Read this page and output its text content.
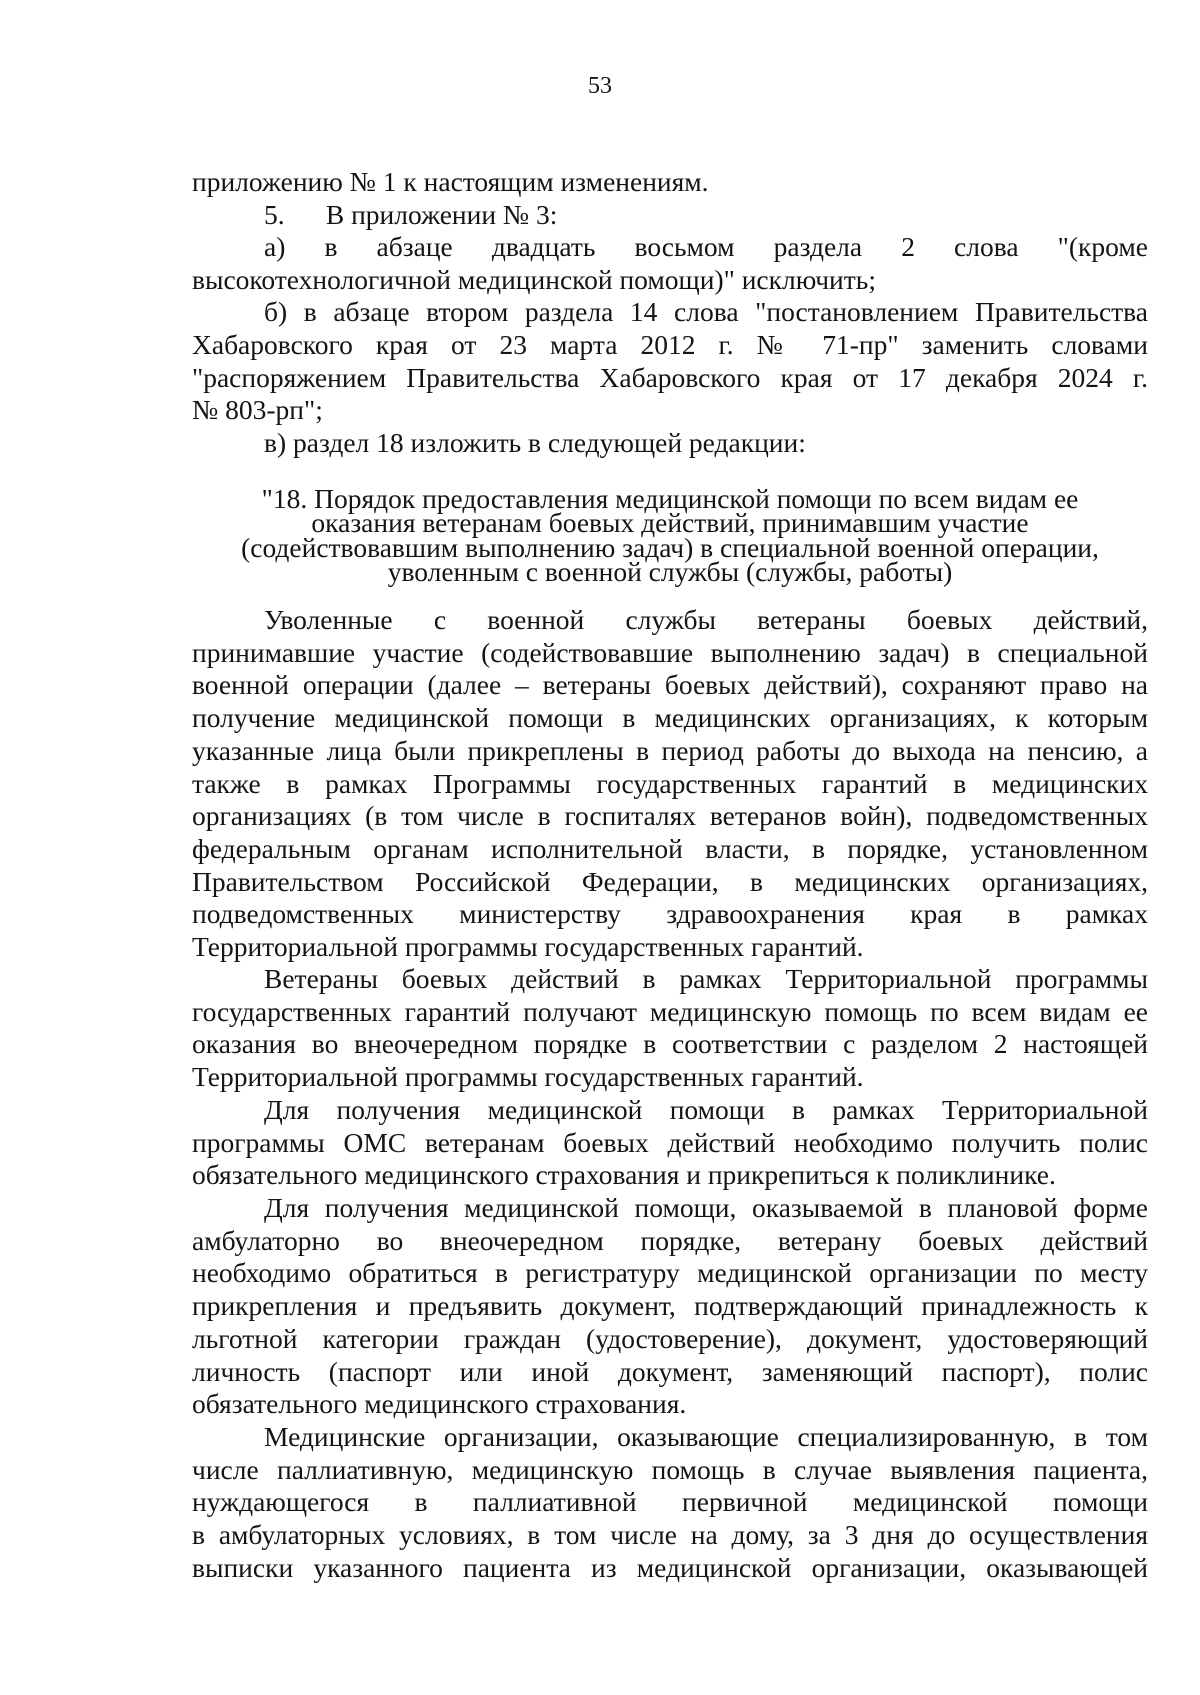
53
приложению № 1 к настоящим изменениям.
5.      В приложении № 3:
а) в абзаце двадцать восьмом раздела 2 слова "(кроме
высокотехнологичной медицинской помощи)" исключить;
б) в абзаце втором раздела 14 слова "постановлением Правительства
Хабаровского края от 23 марта 2012 г. № 71-пр" заменить словами
"распоряжением Правительства Хабаровского края от 17 декабря 2024 г.
№ 803-рп";
в) раздел 18 изложить в следующей редакции:
"18. Порядок предоставления медицинской помощи по всем видам ее
оказания ветеранам боевых действий, принимавшим участие
(содействовавшим выполнению задач) в специальной военной операции,
уволенным с военной службы (службы, работы)
Уволенные с военной службы ветераны боевых действий,
принимавшие участие (содействовавшие выполнению задач) в специальной
военной операции (далее – ветераны боевых действий), сохраняют право на
получение медицинской помощи в медицинских организациях, к которым
указанные лица были прикреплены в период работы до выхода на пенсию, а
также в рамках Программы государственных гарантий в медицинских
организациях (в том числе в госпиталях ветеранов войн), подведомственных
федеральным органам исполнительной власти, в порядке, установленном
Правительством Российской Федерации, в медицинских организациях,
подведомственных министерству здравоохранения края в рамках
Территориальной программы государственных гарантий.
Ветераны боевых действий в рамках Территориальной программы
государственных гарантий получают медицинскую помощь по всем видам ее
оказания во внеочередном порядке в соответствии с разделом 2 настоящей
Территориальной программы государственных гарантий.
Для получения медицинской помощи в рамках Территориальной
программы ОМС ветеранам боевых действий необходимо получить полис
обязательного медицинского страхования и прикрепиться к поликлинике.
Для получения медицинской помощи, оказываемой в плановой форме
амбулаторно во внеочередном порядке, ветерану боевых действий
необходимо обратиться в регистратуру медицинской организации по месту
прикрепления и предъявить документ, подтверждающий принадлежность к
льготной категории граждан (удостоверение), документ, удостоверяющий
личность (паспорт или иной документ, заменяющий паспорт), полис
обязательного медицинского страхования.
Медицинские организации, оказывающие специализированную, в том
числе паллиативную, медицинскую помощь в случае выявления пациента,
нуждающегося в паллиативной первичной медицинской помощи
в амбулаторных условиях, в том числе на дому, за 3 дня до осуществления
выписки указанного пациента из медицинской организации, оказывающей
